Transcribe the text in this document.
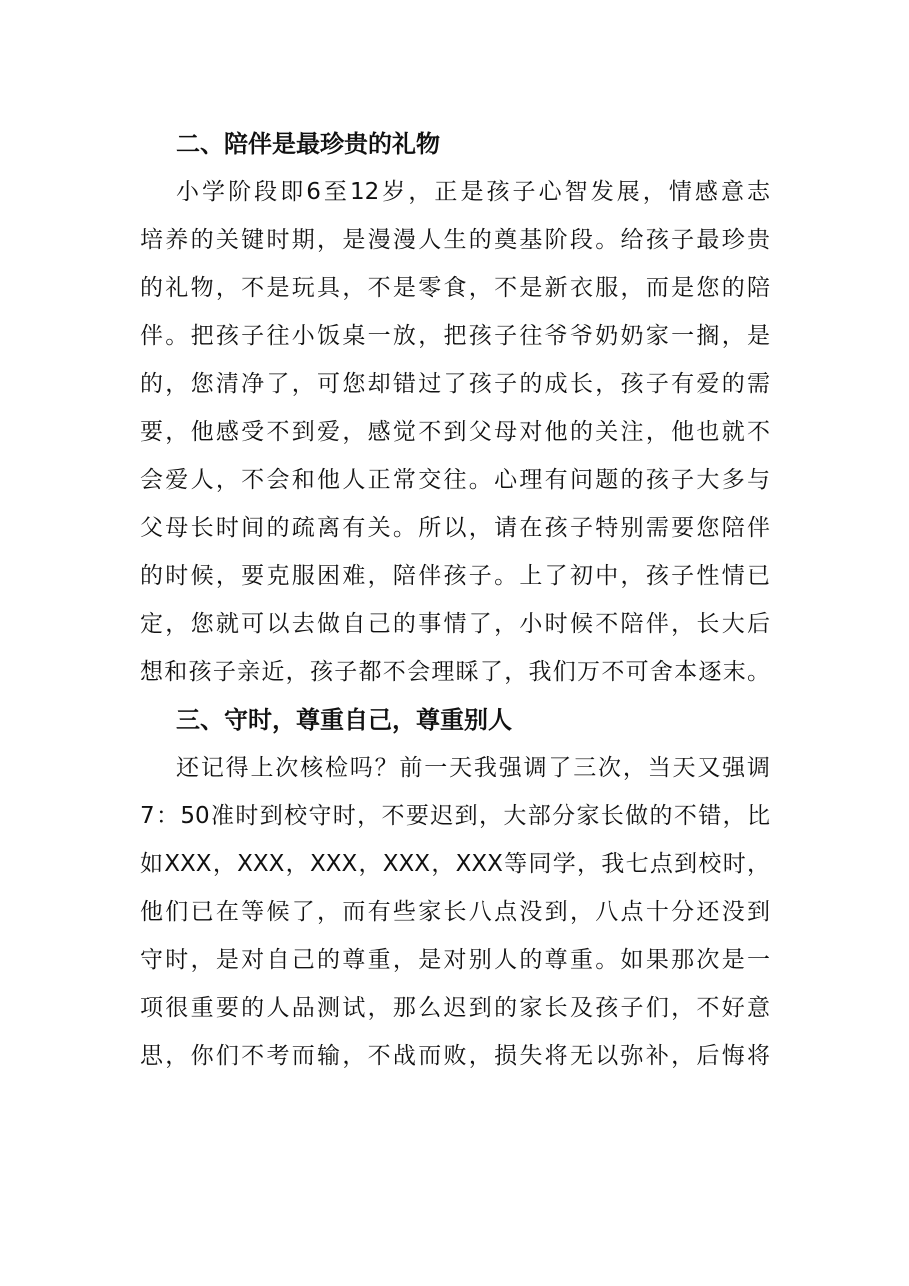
二、陪伴是最珍贵的礼物
小学阶段即6至12岁，正是孩子心智发展，情感意志
培养的关键时期，是漫漫人生的奠基阶段。给孩子最珍贵
的礼物，不是玩具，不是零食，不是新衣服，而是您的陪
伴。把孩子往小饭桌一放，把孩子往爷爷奶奶家一搁，是
的，您清净了，可您却错过了孩子的成长，孩子有爱的需
要，他感受不到爱，感觉不到父母对他的关注，他也就不
会爱人，不会和他人正常交往。心理有问题的孩子大多与
父母长时间的疏离有关。所以，请在孩子特别需要您陪伴
的时候，要克服困难，陪伴孩子。上了初中，孩子性情已
定，您就可以去做自己的事情了，小时候不陪伴，长大后
想和孩子亲近，孩子都不会理睬了，我们万不可舍本逐末。
三、守时，尊重自己，尊重别人
还记得上次核检吗？前一天我强调了三次，当天又强调
7：50准时到校守时，不要迟到，大部分家长做的不错，比
如XXX，XXX，XXX，XXX，XXX等同学，我七点到校时，
他们已在等候了，而有些家长八点没到，八点十分还没到
守时，是对自己的尊重，是对别人的尊重。如果那次是一
项很重要的人品测试，那么迟到的家长及孩子们，不好意
思，你们不考而输，不战而败，损失将无以弥补，后悔将
